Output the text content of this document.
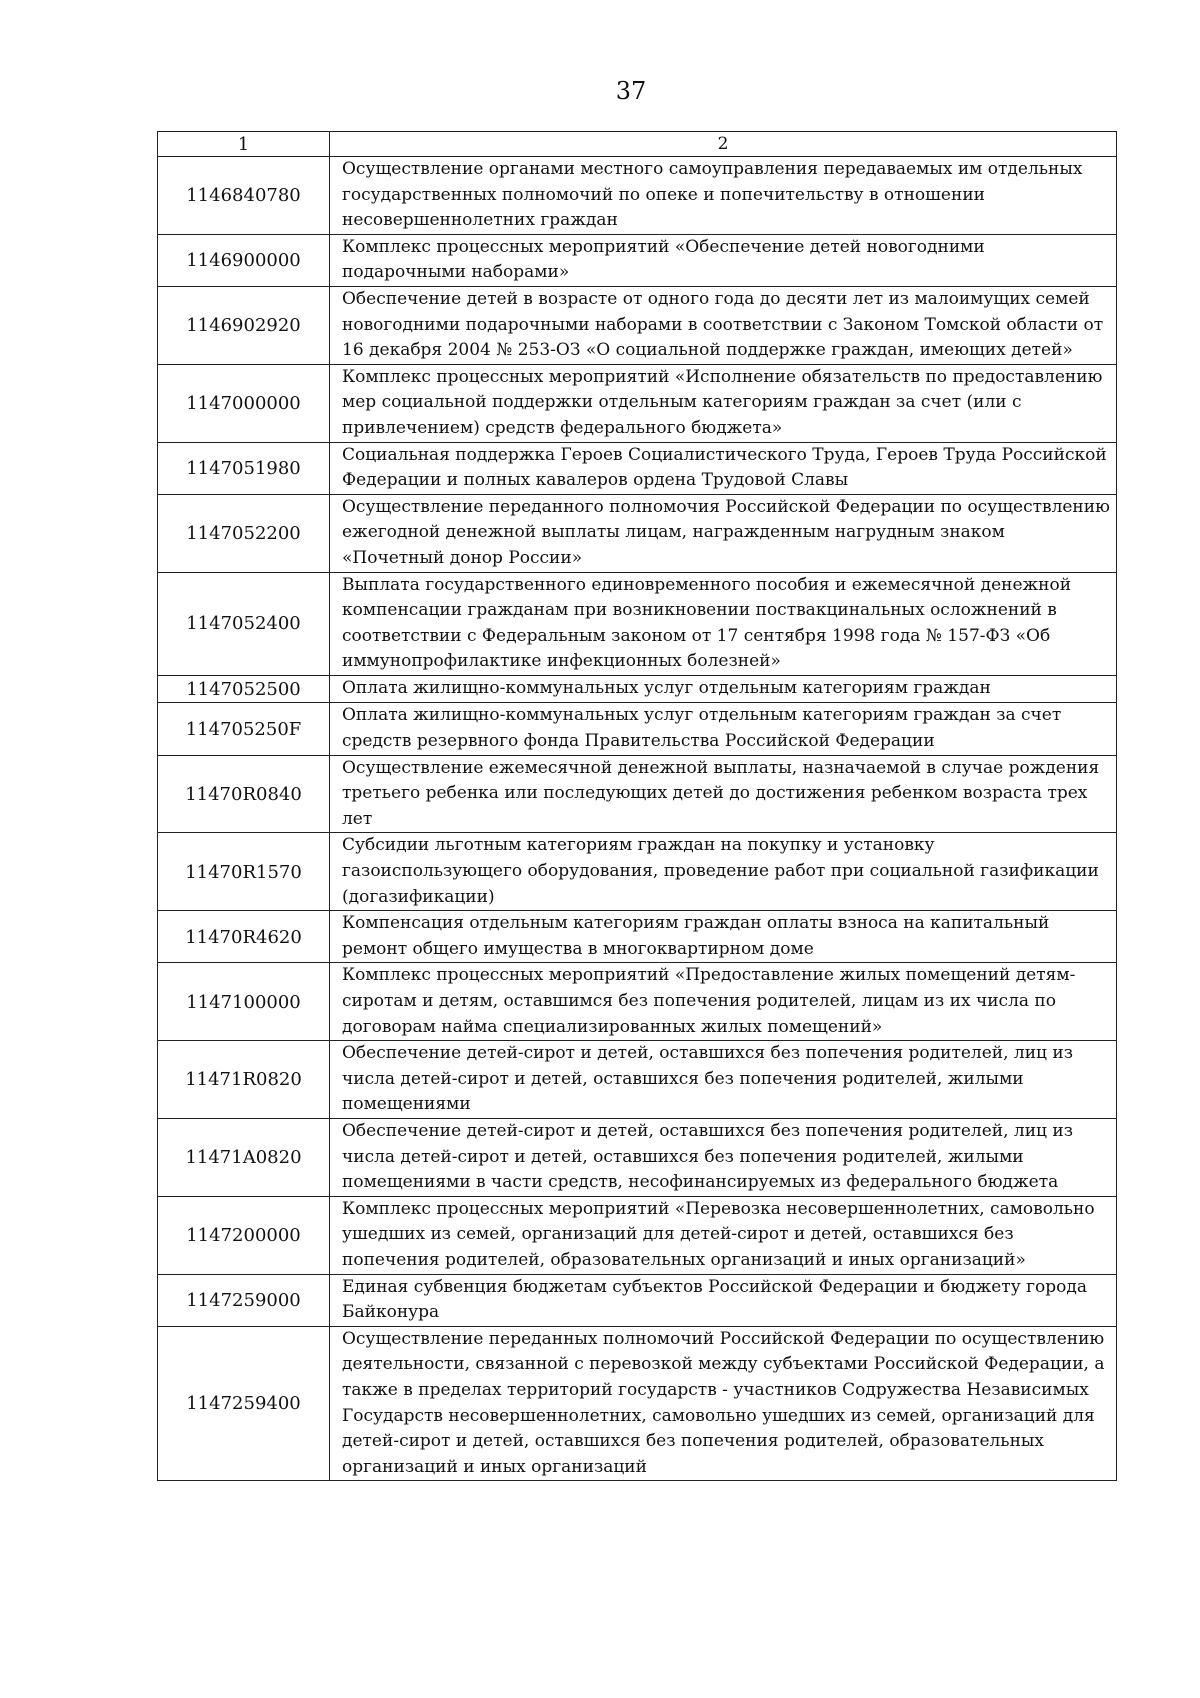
37
1	2
1146840780	Осуществление органами местного самоуправления передаваемых им отдельных государственных полномочий по опеке и попечительству в отношении несовершеннолетних граждан
1146900000	Комплекс процессных мероприятий «Обеспечение детей новогодними подарочными наборами»
1146902920	Обеспечение детей в возрасте от одного года до десяти лет из малоимущих семей новогодними подарочными наборами в соответствии с Законом Томской области от 16 декабря 2004 № 253-ОЗ «О социальной поддержке граждан, имеющих детей»
1147000000	Комплекс процессных мероприятий «Исполнение обязательств по предоставлению мер социальной поддержки отдельным категориям граждан за счет (или с привлечением) средств федерального бюджета»
1147051980	Социальная поддержка Героев Социалистического Труда, Героев Труда Российской Федерации и полных кавалеров ордена Трудовой Славы
1147052200	Осуществление переданного полномочия Российской Федерации по осуществлению ежегодной денежной выплаты лицам, награжденным нагрудным знаком «Почетный донор России»
1147052400	Выплата государственного единовременного пособия и ежемесячной денежной компенсации гражданам при возникновении поствакцинальных осложнений в соответствии с Федеральным законом от 17 сентября 1998 года № 157-ФЗ «Об иммунопрофилактике инфекционных болезней»
1147052500	Оплата жилищно-коммунальных услуг отдельным категориям граждан
114705250F	Оплата жилищно-коммунальных услуг отдельным категориям граждан за счет средств резервного фонда Правительства Российской Федерации
11470R0840	Осуществление ежемесячной денежной выплаты, назначаемой в случае рождения третьего ребенка или последующих детей до достижения ребенком возраста трех лет
11470R1570	Субсидии льготным категориям граждан на покупку и установку газоиспользующего оборудования, проведение работ при социальной газификации (догазификации)
11470R4620	Компенсация отдельным категориям граждан оплаты взноса на капитальный ремонт общего имущества в многоквартирном доме
1147100000	Комплекс процессных мероприятий «Предоставление жилых помещений детям-сиротам и детям, оставшимся без попечения родителей, лицам из их числа по договорам найма специализированных жилых помещений»
11471R0820	Обеспечение детей-сирот и детей, оставшихся без попечения родителей, лиц из числа детей-сирот и детей, оставшихся без попечения родителей, жилыми помещениями
11471A0820	Обеспечение детей-сирот и детей, оставшихся без попечения родителей, лиц из числа детей-сирот и детей, оставшихся без попечения родителей, жилыми помещениями в части средств, несофинансируемых из федерального бюджета
1147200000	Комплекс процессных мероприятий «Перевозка несовершеннолетних, самовольно ушедших из семей, организаций для детей-сирот и детей, оставшихся без попечения родителей, образовательных организаций и иных организаций»
1147259000	Единая субвенция бюджетам субъектов Российской Федерации и бюджету города Байконура
1147259400	Осуществление переданных полномочий Российской Федерации по осуществлению деятельности, связанной с перевозкой между субъектами Российской Федерации, а также в пределах территорий государств - участников Содружества Независимых Государств несовершеннолетних, самовольно ушедших из семей, организаций для детей-сирот и детей, оставшихся без попечения родителей, образовательных организаций и иных организаций
